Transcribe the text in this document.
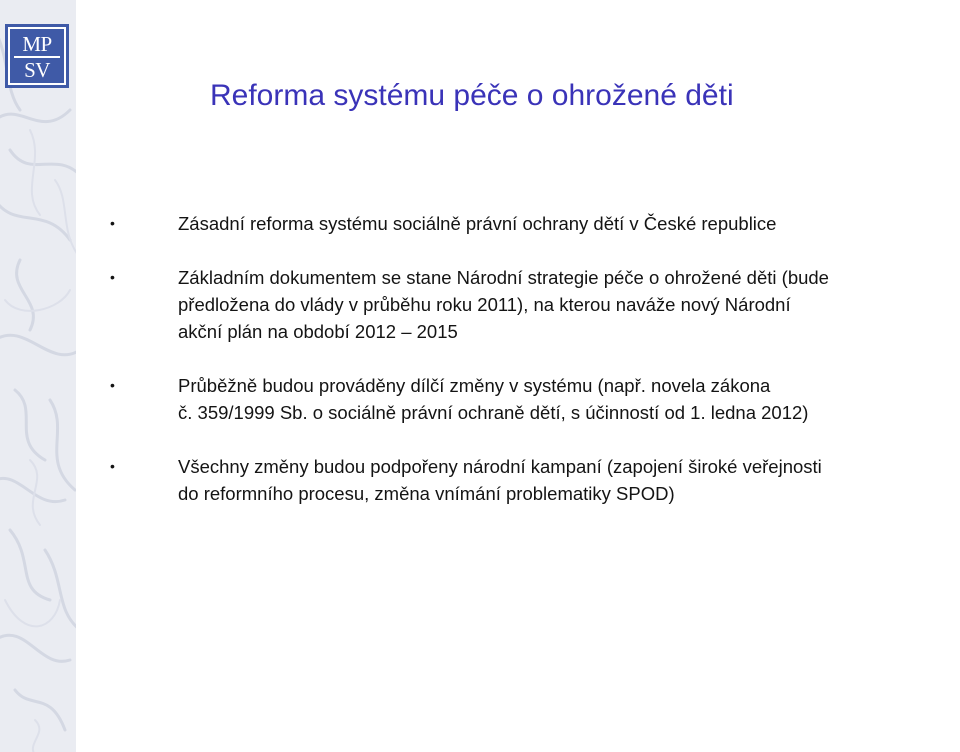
MP
SV
Reforma systému péče o ohrožené děti
•	Zásadní reforma systému sociálně právní ochrany dětí v České republice
•	Základním dokumentem se stane Národní strategie péče o ohrožené děti (bude
předložena do vlády v průběhu roku 2011), na kterou naváže nový Národní
akční plán na období 2012 – 2015
•	Průběžně budou prováděny dílčí změny v systému (např. novela zákona
č. 359/1999 Sb. o sociálně právní ochraně dětí, s účinností od 1. ledna 2012)
•	Všechny změny budou podpořeny národní kampaní (zapojení široké veřejnosti
do reformního procesu, změna vnímání problematiky SPOD)
